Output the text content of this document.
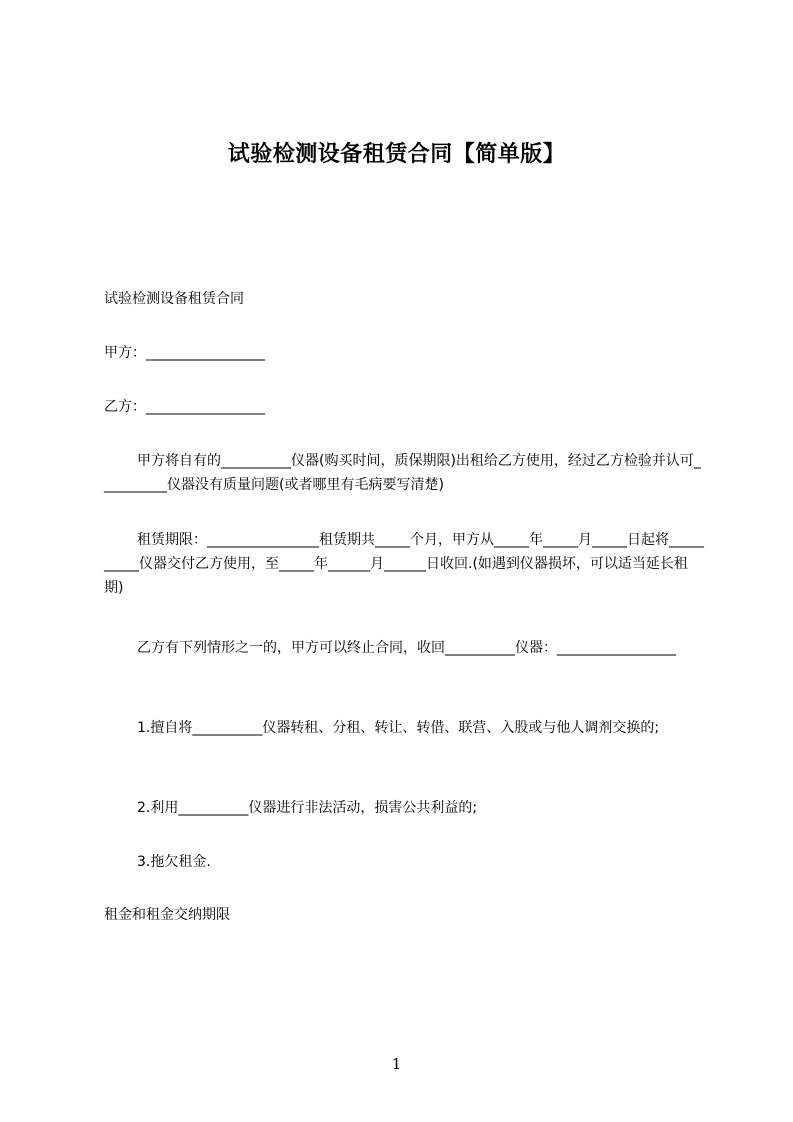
试验检测设备租赁合同【简单版】

试验检测设备租赁合同

甲方：_________________

乙方：_________________

甲方将自有的__________仪器(购买时间，质保期限)出租给乙方使用，经过乙方检验并认可__________仪器没有质量问题(或者哪里有毛病要写清楚)

租赁期限：________________租赁期共_____个月，甲方从_____年_____月_____日起将__________仪器交付乙方使用，至_____年______月______日收回.(如遇到仪器损坏，可以适当延长租期)

乙方有下列情形之一的，甲方可以终止合同，收回__________仪器：_________________

1.擅自将__________仪器转租、分租、转让、转借、联营、入股或与他人调剂交换的;

2.利用__________仪器进行非法活动，损害公共利益的;

3.拖欠租金.

租金和租金交纳期限

1
